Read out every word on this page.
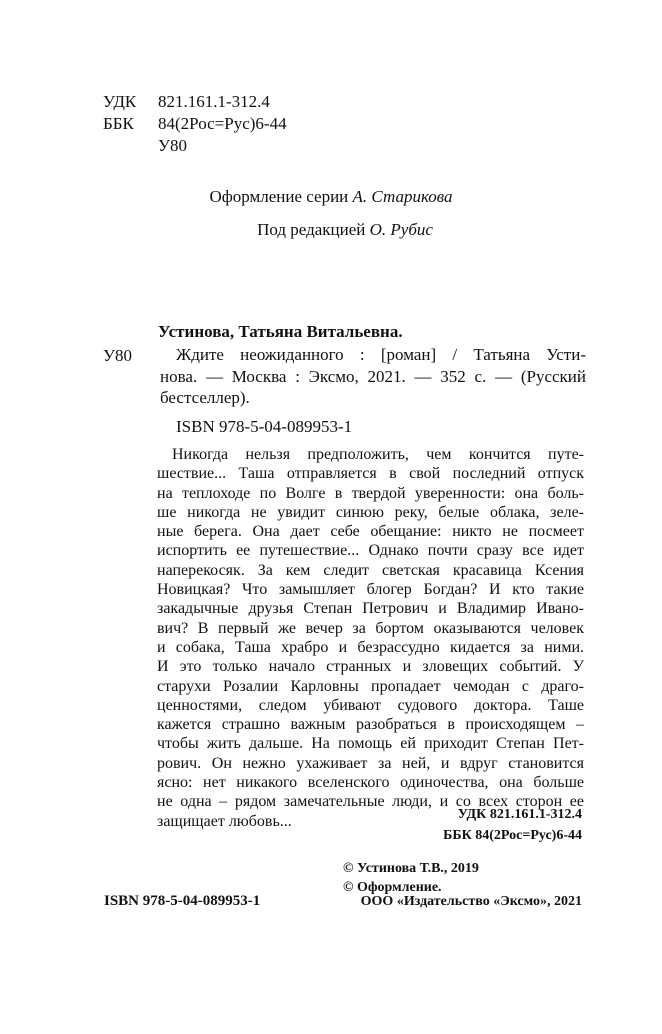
УДК 821.161.1-312.4
ББК 84(2Рос=Рус)6-44
У80
Оформление серии А. Старикова
Под редакцией О. Рубис
Устинова, Татьяна Витальевна.
У80	Ждите неожиданного : [роман] / Татьяна Усти-
нова. — Москва : Эксмо, 2021. — 352 с. — (Русский
бестселлер).
ISBN 978-5-04-089953-1
Никогда нельзя предположить, чем кончится путе-
шествие... Таша отправляется в свой последний отпуск
на теплоходе по Волге в твердой уверенности: она боль-
ше никогда не увидит синюю реку, белые облака, зеле-
ные берега. Она дает себе обещание: никто не посмеет
испортить ее путешествие... Однако почти сразу все идет
наперекосяк. За кем следит светская красавица Ксения
Новицкая? Что замышляет блогер Богдан? И кто такие
закадычные друзья Степан Петрович и Владимир Ивано-
вич? В первый же вечер за бортом оказываются человек
и собака, Таша храбро и безрассудно кидается за ними.
И это только начало странных и зловещих событий. У
старухи Розалии Карловны пропадает чемодан с драго-
ценностями, следом убивают судового доктора. Таше
кажется страшно важным разобраться в происходящем –
чтобы жить дальше. На помощь ей приходит Степан Пет-
рович. Он нежно ухаживает за ней, и вдруг становится
ясно: нет никакого вселенского одиночества, она больше
не одна – рядом замечательные люди, и со всех сторон ее
защищает любовь...	УДК 821.161.1-312.4
ББК 84(2Рос=Рус)6-44
© Устинова Т.В., 2019
© Оформление.
ISBN 978-5-04-089953-1	ООО «Издательство «Эксмо», 2021
